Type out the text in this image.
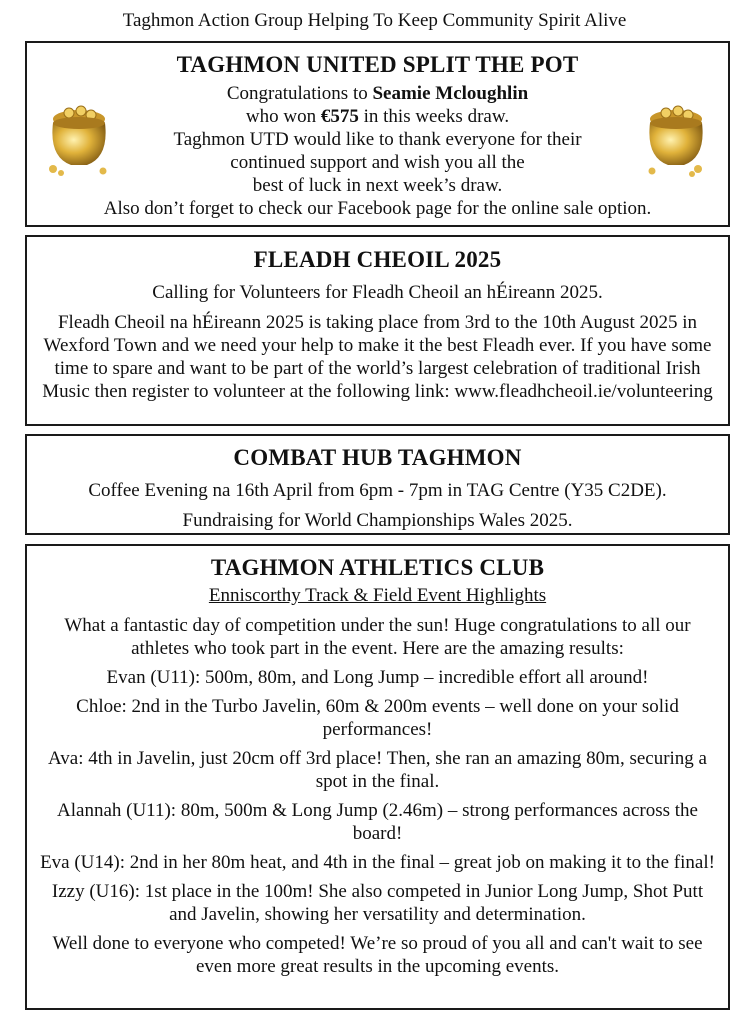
Taghmon Action Group Helping To Keep Community Spirit Alive
TAGHMON UNITED SPLIT THE POT
Congratulations to Seamie Mcloughlin
who won €575 in this weeks draw.
Taghmon UTD would like to thank everyone for their
continued support and wish you all the
best of luck in next week’s draw.
Also don’t forget to check our Facebook page for the online sale option.
FLEADH CHEOIL 2025

Calling for Volunteers for Fleadh Cheoil an hÉireann 2025.

Fleadh Cheoil na hÉireann 2025 is taking place from 3rd to the 10th August 2025 in Wexford Town and we need your help to make it the best Fleadh ever. If you have some time to spare and want to be part of the world’s largest celebration of traditional Irish Music then register to volunteer at the following link: www.fleadhcheoil.ie/volunteering

COMBAT HUB TAGHMON

Coffee Evening na 16th April from 6pm - 7pm in TAG Centre (Y35 C2DE).

Fundraising for World Championships Wales 2025.

TAGHMON ATHLETICS CLUB

Enniscorthy Track & Field Event Highlights

What a fantastic day of competition under the sun! Huge congratulations to all our athletes who took part in the event. Here are the amazing results:

Evan (U11): 500m, 80m, and Long Jump – incredible effort all around!

Chloe: 2nd in the Turbo Javelin, 60m & 200m events – well done on your solid performances!

Ava: 4th in Javelin, just 20cm off 3rd place! Then, she ran an amazing 80m, securing a spot in the final.

Alannah (U11): 80m, 500m & Long Jump (2.46m) – strong performances across the board!

Eva (U14): 2nd in her 80m heat, and 4th in the final – great job on making it to the final!

Izzy (U16): 1st place in the 100m! She also competed in Junior Long Jump, Shot Putt and Javelin, showing her versatility and determination.

Well done to everyone who competed! We’re so proud of you all and can't wait to see even more great results in the upcoming events.
